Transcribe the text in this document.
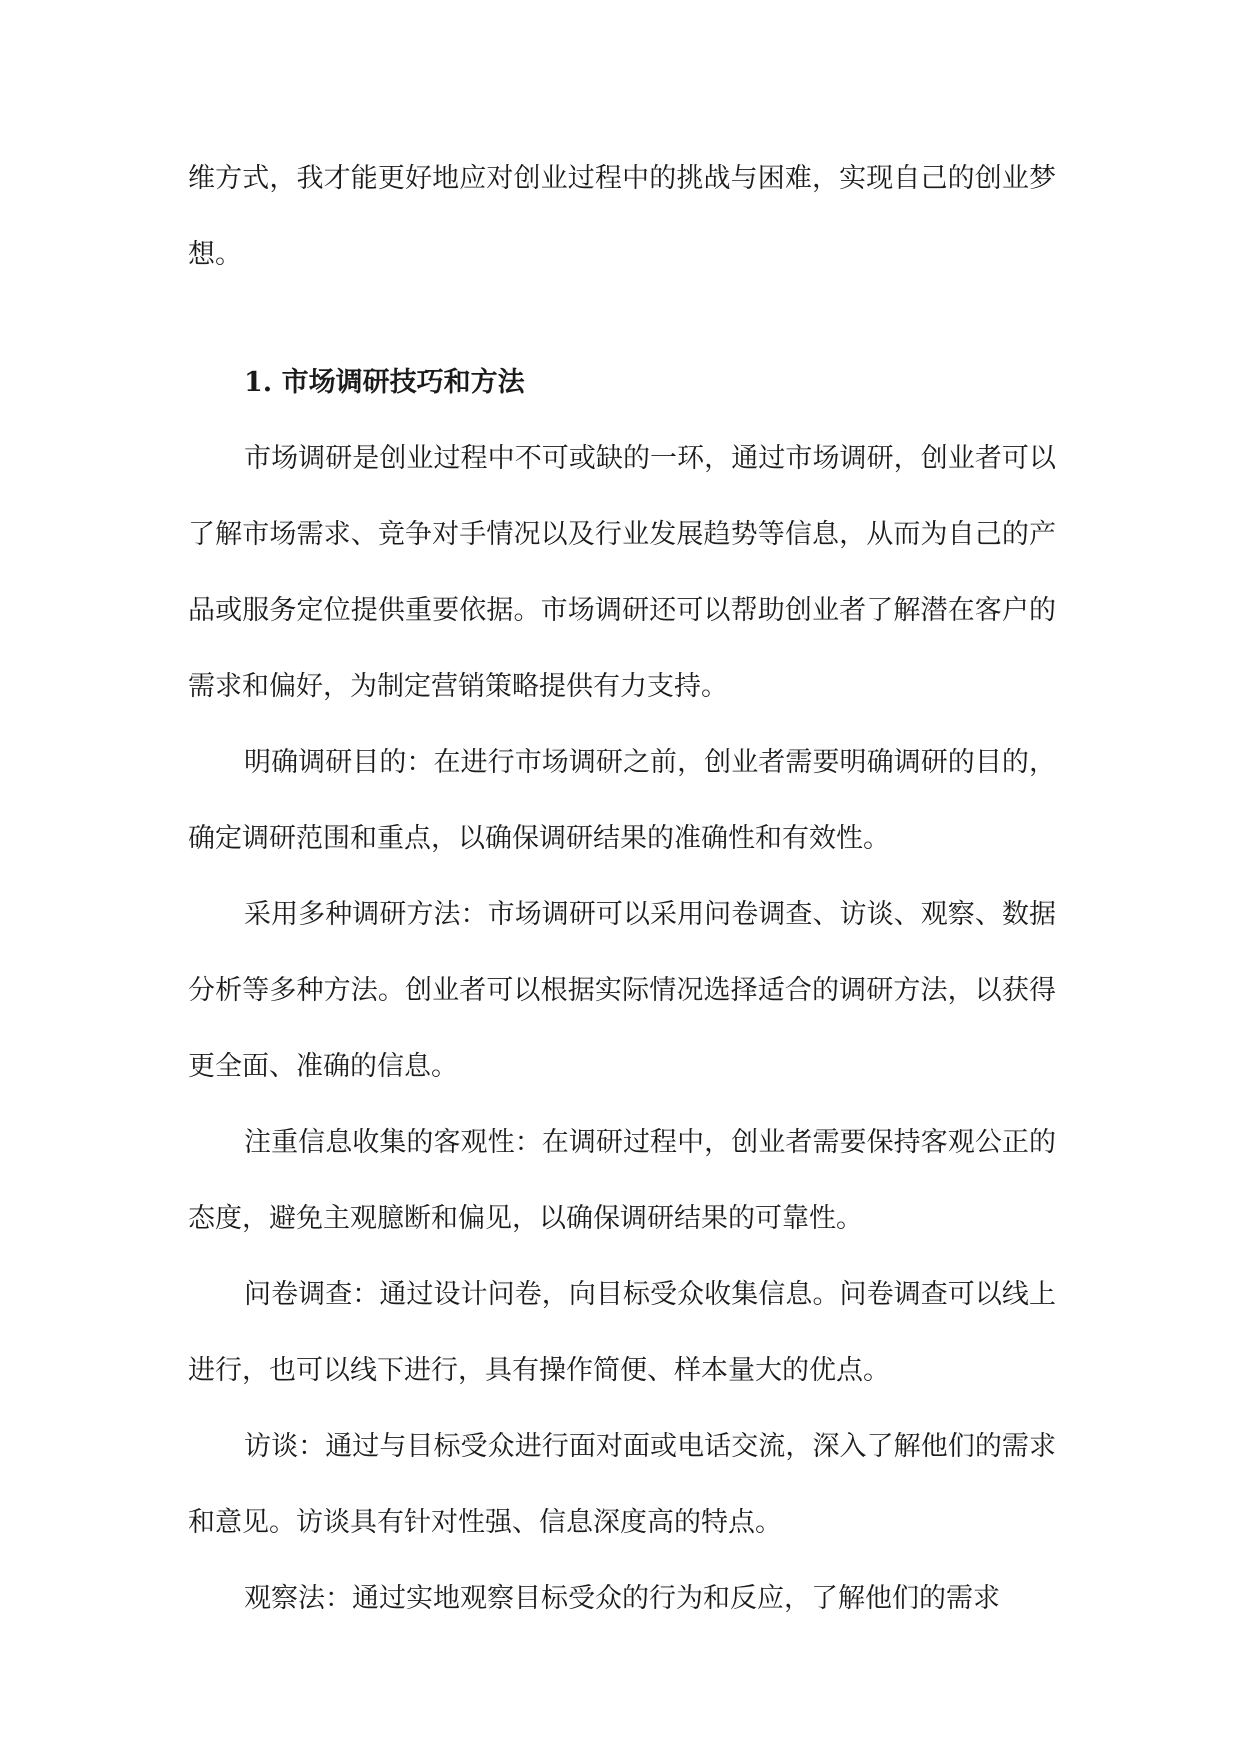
维方式，我才能更好地应对创业过程中的挑战与困难，实现自己的创业梦想。

1. 市场调研技巧和方法

市场调研是创业过程中不可或缺的一环，通过市场调研，创业者可以了解市场需求、竞争对手情况以及行业发展趋势等信息，从而为自己的产品或服务定位提供重要依据。市场调研还可以帮助创业者了解潜在客户的需求和偏好，为制定营销策略提供有力支持。

明确调研目的：在进行市场调研之前，创业者需要明确调研的目的，确定调研范围和重点，以确保调研结果的准确性和有效性。

采用多种调研方法：市场调研可以采用问卷调查、访谈、观察、数据分析等多种方法。创业者可以根据实际情况选择适合的调研方法，以获得更全面、准确的信息。

注重信息收集的客观性：在调研过程中，创业者需要保持客观公正的态度，避免主观臆断和偏见，以确保调研结果的可靠性。

问卷调查：通过设计问卷，向目标受众收集信息。问卷调查可以线上进行，也可以线下进行，具有操作简便、样本量大的优点。

访谈：通过与目标受众进行面对面或电话交流，深入了解他们的需求和意见。访谈具有针对性强、信息深度高的特点。

观察法：通过实地观察目标受众的行为和反应，了解他们的需求
